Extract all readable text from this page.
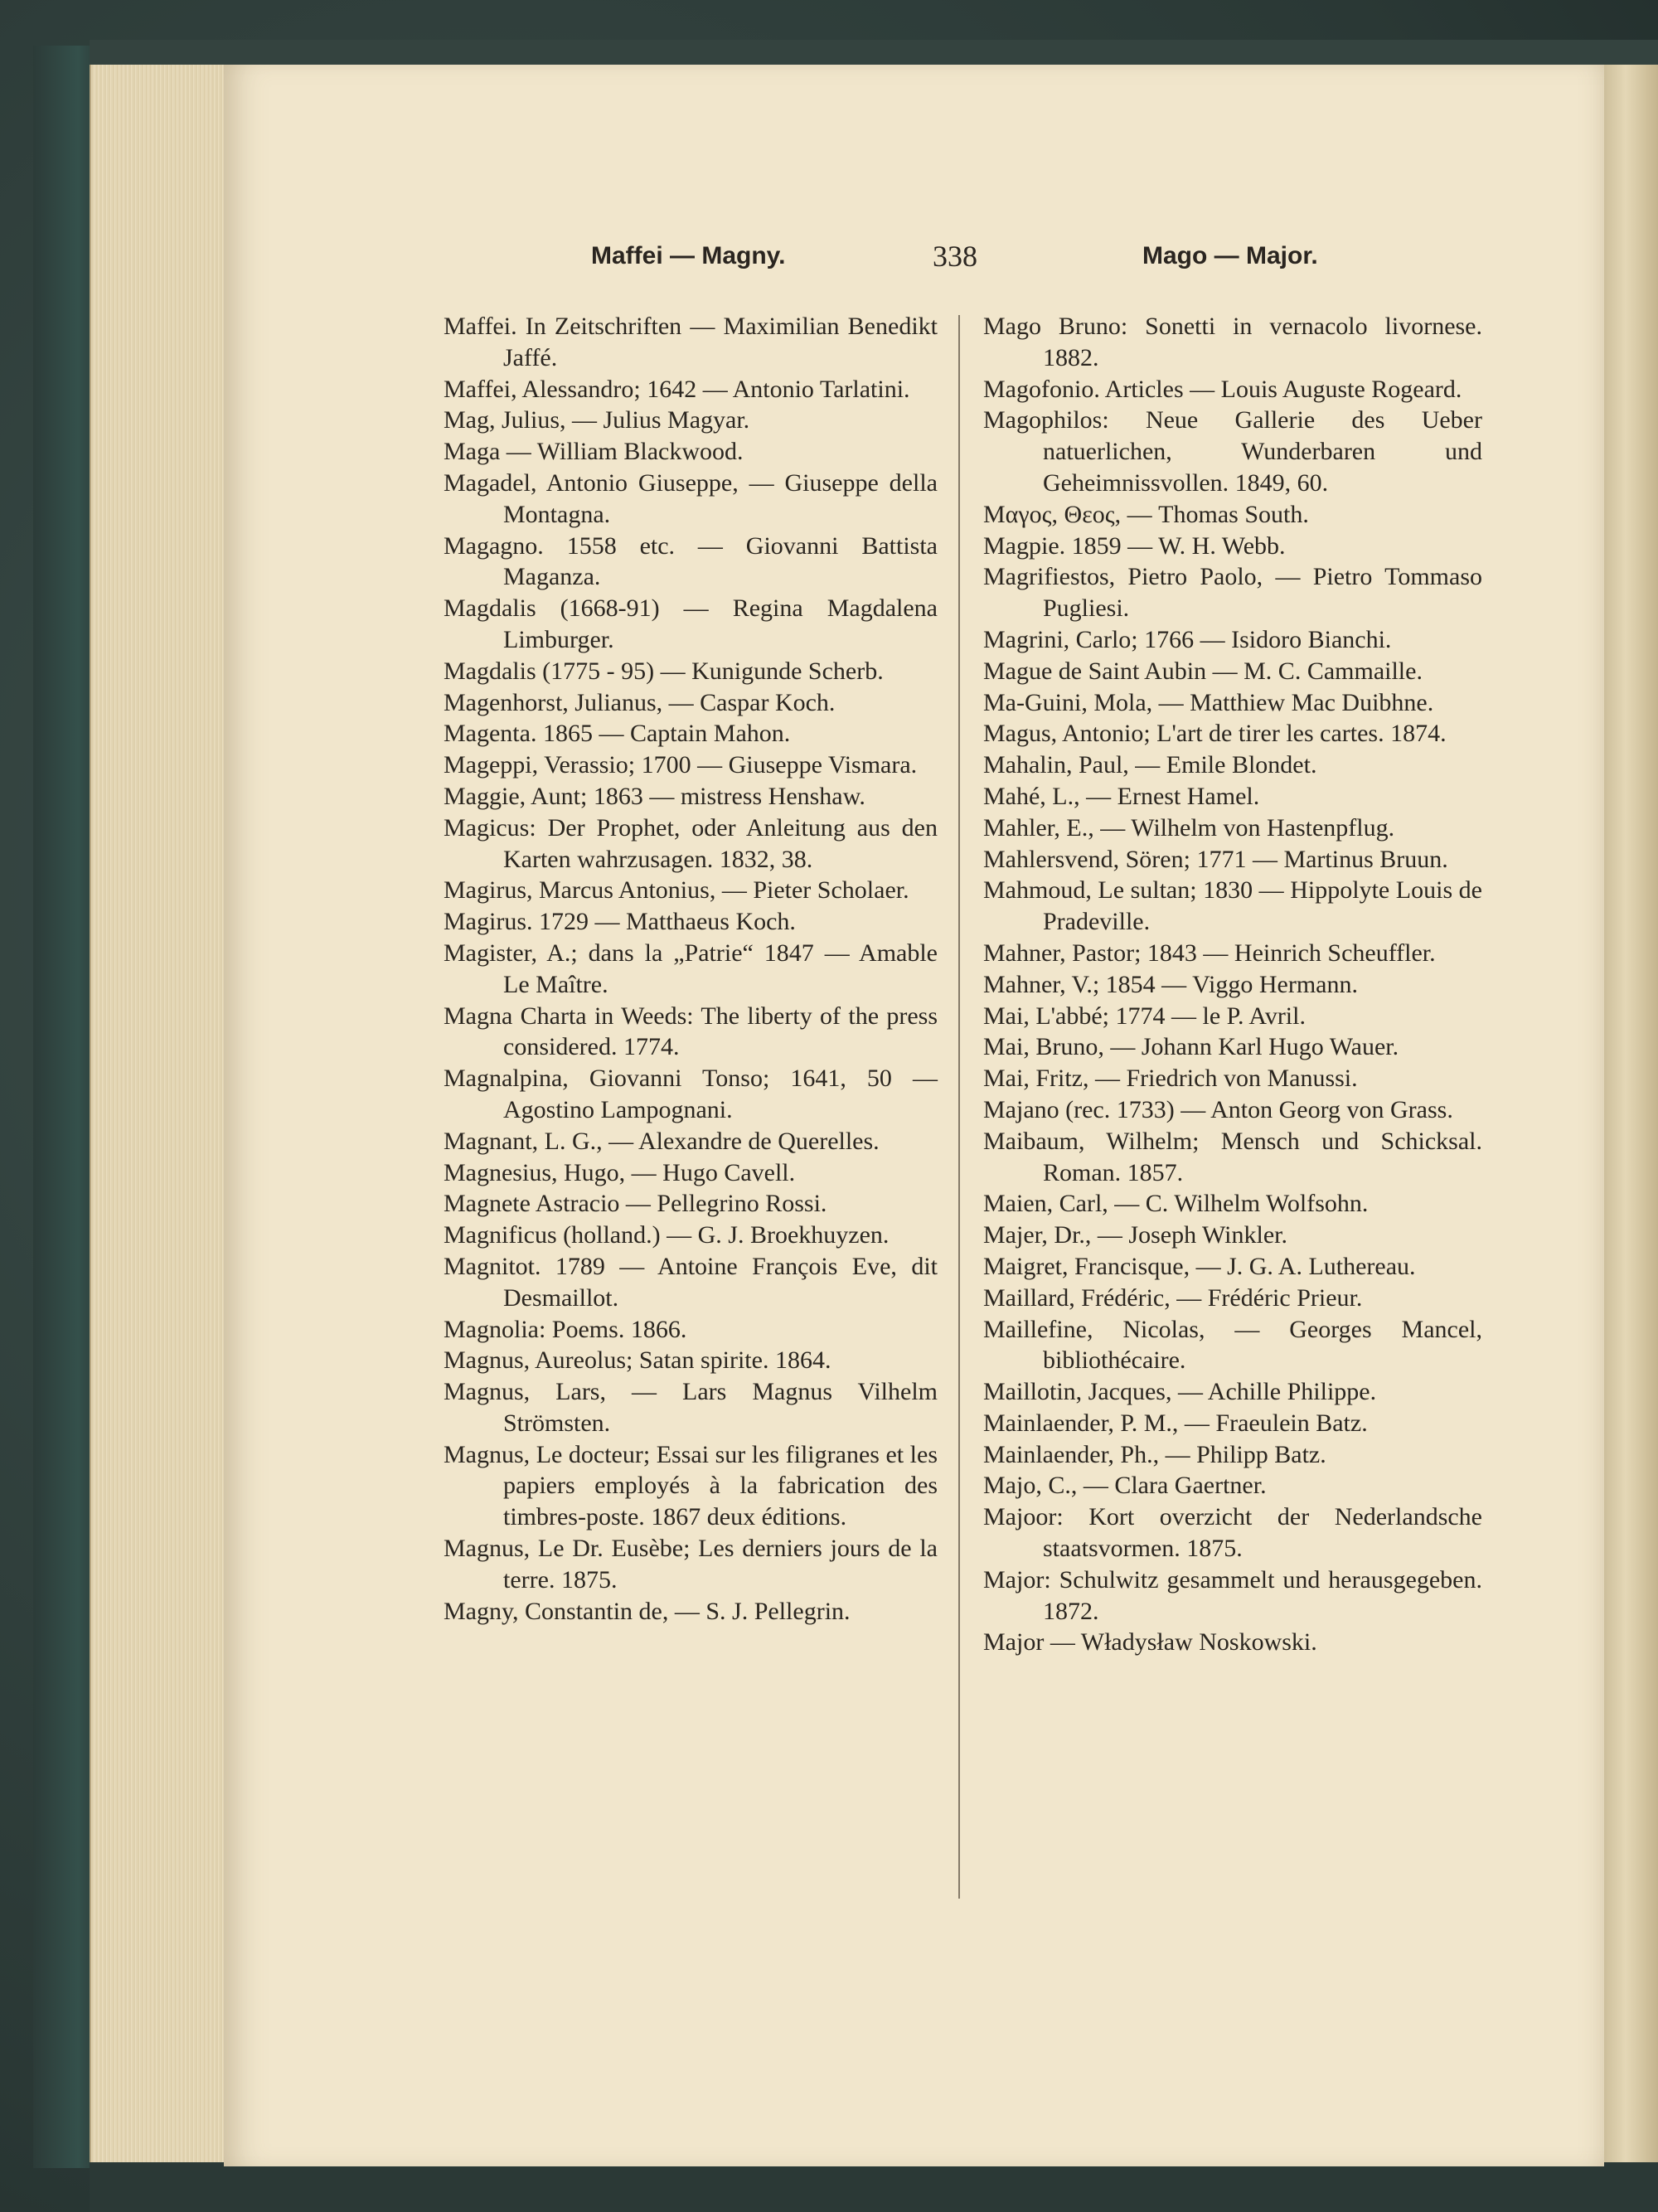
Maffei — Magny.	338	Mago — Major.
Maffei. In Zeitschriften — Maximilian Benedikt Jaffé.
Maffei, Alessandro; 1642 — Antonio Tarlatini.
Mag, Julius, — Julius Magyar.
Maga — William Blackwood.
Magadel, Antonio Giuseppe, — Giuseppe della Montagna.
Magagno. 1558 etc. — Giovanni Battista Maganza.
Magdalis (1668-91) — Regina Magdalena Limburger.
Magdalis (1775 - 95) — Kunigunde Scherb.
Magenhorst, Julianus, — Caspar Koch.
Magenta. 1865 — Captain Mahon.
Mageppi, Verassio; 1700 — Giuseppe Vismara.
Maggie, Aunt; 1863 — mistress Henshaw.
Magicus: Der Prophet, oder Anleitung aus den Karten wahrzusagen. 1832, 38.
Magirus, Marcus Antonius, — Pieter Scholaer.
Magirus. 1729 — Matthaeus Koch.
Magister, A.; dans la „Patrie“ 1847 — Amable Le Maître.
Magna Charta in Weeds: The liberty of the press considered. 1774.
Magnalpina, Giovanni Tonso; 1641, 50 — Agostino Lampognani.
Magnant, L. G., — Alexandre de Querelles.
Magnesius, Hugo, — Hugo Cavell.
Magnete Astracio — Pellegrino Rossi.
Magnificus (holland.) — G. J. Broekhuyzen.
Magnitot. 1789 — Antoine François Eve, dit Desmaillot.
Magnolia: Poems. 1866.
Magnus, Aureolus; Satan spirite. 1864.
Magnus, Lars, — Lars Magnus Vilhelm Strömsten.
Magnus, Le docteur; Essai sur les filigranes et les papiers employés à la fabrication des timbres-poste. 1867 deux éditions.
Magnus, Le Dr. Eusèbe; Les derniers jours de la terre. 1875.
Magny, Constantin de, — S. J. Pellegrin.
Mago Bruno: Sonetti in vernacolo livornese. 1882.
Magofonio. Articles — Louis Auguste Rogeard.
Magophilos: Neue Gallerie des Ueber natuerlichen, Wunderbaren und Geheimnissvollen. 1849, 60.
Μαγος, Θεος, — Thomas South.
Magpie. 1859 — W. H. Webb.
Magrifiestos, Pietro Paolo, — Pietro Tommaso Pugliesi.
Magrini, Carlo; 1766 — Isidoro Bianchi.
Mague de Saint Aubin — M. C. Cammaille.
Ma-Guini, Mola, — Matthiew Mac Duibhne.
Magus, Antonio; L'art de tirer les cartes. 1874.
Mahalin, Paul, — Emile Blondet.
Mahé, L., — Ernest Hamel.
Mahler, E., — Wilhelm von Hastenpflug.
Mahlersvend, Sören; 1771 — Martinus Bruun.
Mahmoud, Le sultan; 1830 — Hippolyte Louis de Pradeville.
Mahner, Pastor; 1843 — Heinrich Scheuffler.
Mahner, V.; 1854 — Viggo Hermann.
Mai, L'abbé; 1774 — le P. Avril.
Mai, Bruno, — Johann Karl Hugo Wauer.
Mai, Fritz, — Friedrich von Manussi.
Majano (rec. 1733) — Anton Georg von Grass.
Maibaum, Wilhelm; Mensch und Schicksal. Roman. 1857.
Maien, Carl, — C. Wilhelm Wolfsohn.
Majer, Dr., — Joseph Winkler.
Maigret, Francisque, — J. G. A. Luthereau.
Maillard, Frédéric, — Frédéric Prieur.
Maillefine, Nicolas, — Georges Mancel, bibliothécaire.
Maillotin, Jacques, — Achille Philippe.
Mainlaender, P. M., — Fraeulein Batz.
Mainlaender, Ph., — Philipp Batz.
Majo, C., — Clara Gaertner.
Majoor: Kort overzicht der Nederlandsche staatsvormen. 1875.
Major: Schulwitz gesammelt und herausgegeben. 1872.
Major — Władysław Noskowski.
